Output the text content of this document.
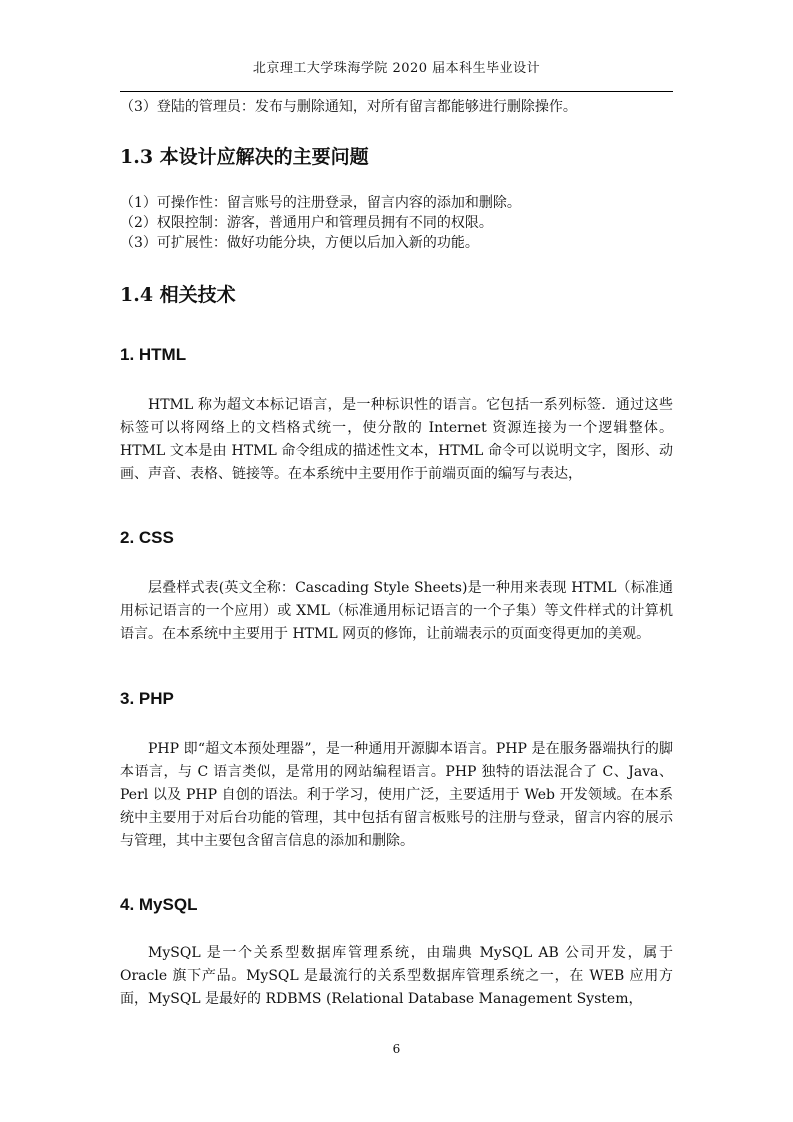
北京理工大学珠海学院 2020 届本科生毕业设计
（3）登陆的管理员：发布与删除通知，对所有留言都能够进行删除操作。
1.3 本设计应解决的主要问题
（1）可操作性：留言账号的注册登录，留言内容的添加和删除。
（2）权限控制：游客，普通用户和管理员拥有不同的权限。
（3）可扩展性：做好功能分块，方便以后加入新的功能。
1.4 相关技术
1. HTML
HTML 称为超文本标记语言，是一种标识性的语言。它包括一系列标签．通过这些标签可以将网络上的文档格式统一，使分散的 Internet 资源连接为一个逻辑整体。HTML 文本是由 HTML 命令组成的描述性文本，HTML 命令可以说明文字，图形、动画、声音、表格、链接等。在本系统中主要用作于前端页面的编写与表达，
2. CSS
层叠样式表(英文全称：Cascading Style Sheets)是一种用来表现 HTML（标准通用标记语言的一个应用）或 XML（标准通用标记语言的一个子集）等文件样式的计算机语言。在本系统中主要用于 HTML 网页的修饰，让前端表示的页面变得更加的美观。
3. PHP
PHP 即“超文本预处理器”，是一种通用开源脚本语言。PHP 是在服务器端执行的脚本语言，与 C 语言类似，是常用的网站编程语言。PHP 独特的语法混合了 C、Java、Perl 以及 PHP 自创的语法。利于学习，使用广泛，主要适用于 Web 开发领域。在本系统中主要用于对后台功能的管理，其中包括有留言板账号的注册与登录，留言内容的展示与管理，其中主要包含留言信息的添加和删除。
4. MySQL
MySQL 是一个关系型数据库管理系统，由瑞典 MySQL AB 公司开发，属于 Oracle 旗下产品。MySQL 是最流行的关系型数据库管理系统之一，在 WEB 应用方面，MySQL 是最好的 RDBMS (Relational Database Management System，
6
